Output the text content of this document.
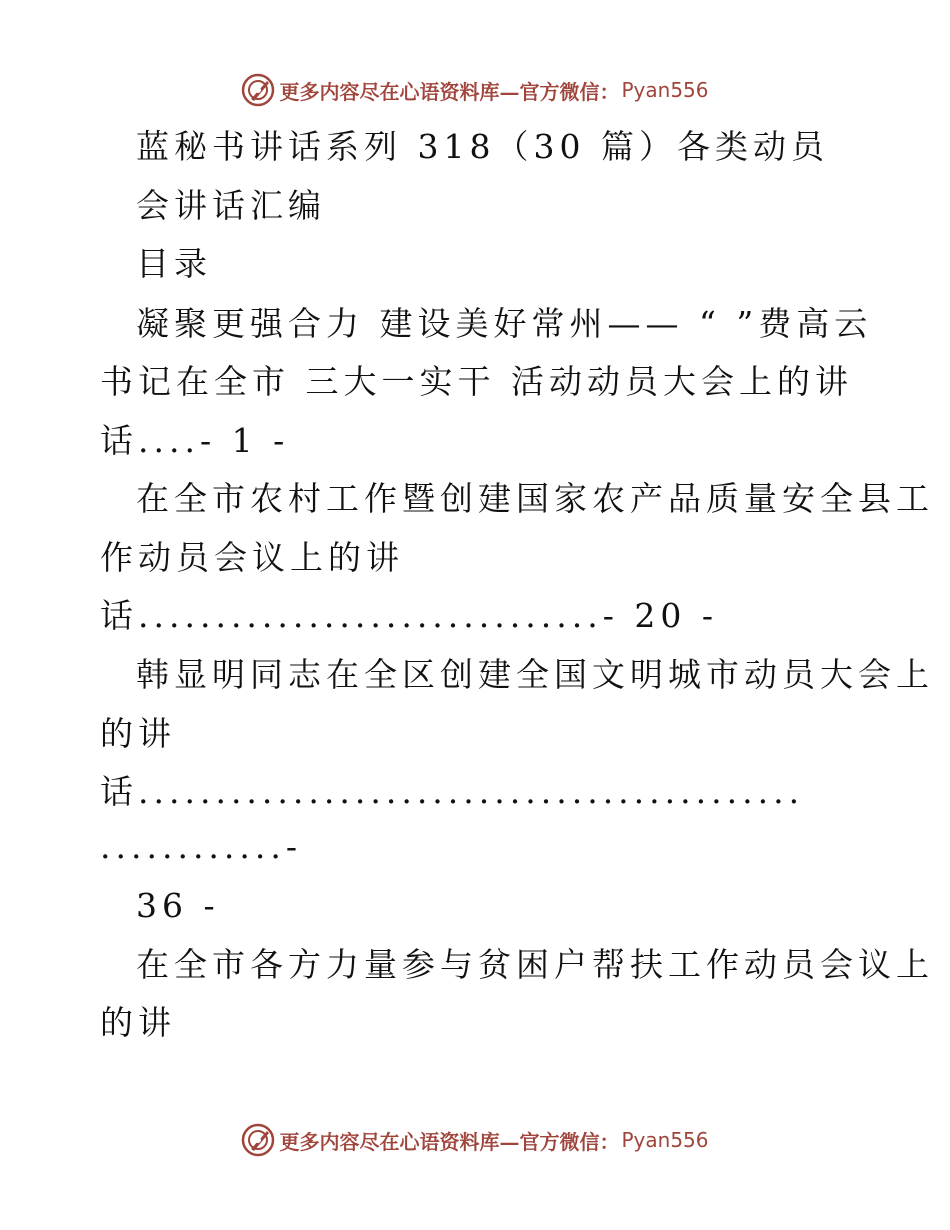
更多内容尽在心语资料库—官方微信： Pyan556
蓝秘书讲话系列 318（30 篇）各类动员
会讲话汇编
目录
凝聚更强合力 建设美好常州—— “ ”费高云
书记在全市 三大一实干 活动动员大会上的讲
话....- 1 -
在全市农村工作暨创建国家农产品质量安全县工
作动员会议上的讲
话..............................- 20 -
韩显明同志在全区创建全国文明城市动员大会上
的讲
话...........................................
............-
36 -
在全市各方力量参与贫困户帮扶工作动员会议上
的讲
更多内容尽在心语资料库—官方微信： Pyan556
